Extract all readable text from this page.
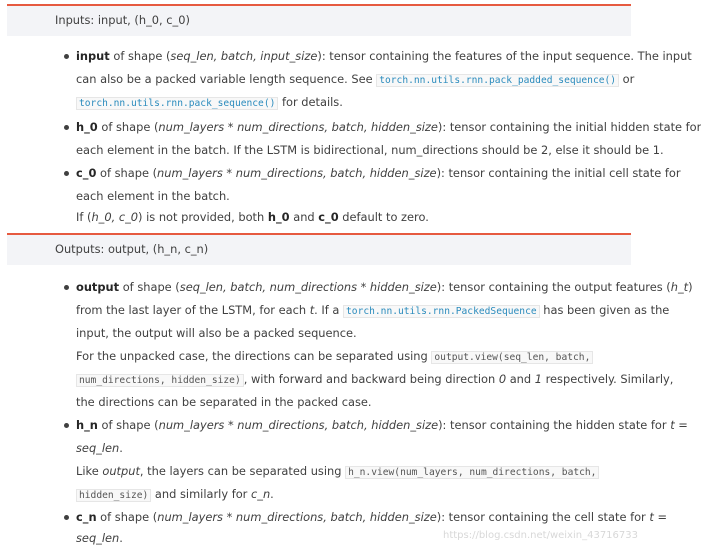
Inputs: input, (h_0, c_0)
input of shape (seq_len, batch, input_size): tensor containing the features of the input sequence. The input
can also be a packed variable length sequence. See torch.nn.utils.rnn.pack_padded_sequence() or
torch.nn.utils.rnn.pack_sequence() for details.
h_0 of shape (num_layers * num_directions, batch, hidden_size): tensor containing the initial hidden state for
each element in the batch. If the LSTM is bidirectional, num_directions should be 2, else it should be 1.
c_0 of shape (num_layers * num_directions, batch, hidden_size): tensor containing the initial cell state for
each element in the batch.
If (h_0, c_0) is not provided, both h_0 and c_0 default to zero.
Outputs: output, (h_n, c_n)
output of shape (seq_len, batch, num_directions * hidden_size): tensor containing the output features (h_t)
from the last layer of the LSTM, for each t. If a torch.nn.utils.rnn.PackedSequence has been given as the
input, the output will also be a packed sequence.
For the unpacked case, the directions can be separated using output.view(seq_len, batch,
num_directions, hidden_size) , with forward and backward being direction 0 and 1 respectively. Similarly,
the directions can be separated in the packed case.
h_n of shape (num_layers * num_directions, batch, hidden_size): tensor containing the hidden state for t =
seq_len.
Like output, the layers can be separated using h_n.view(num_layers, num_directions, batch,
hidden_size) and similarly for c_n.
c_n of shape (num_layers * num_directions, batch, hidden_size): tensor containing the cell state for t =
seq_len.	https://blog.csdn.net/weixin_43716733
